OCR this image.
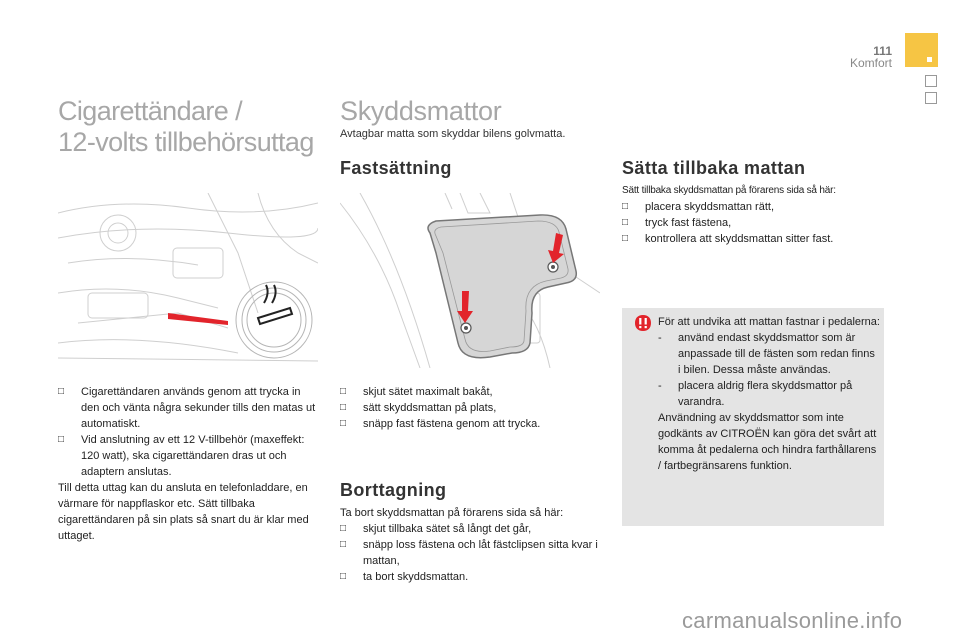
111
Komfort
Cigarettändare /
12-volts tillbehörsuttag
□ Cigarettändaren används genom att trycka in den och vänta några sekunder tills den matas ut automatiskt.
□ Vid anslutning av ett 12 V-tillbehör (maxeffekt: 120 watt), ska cigarettändaren dras ut och adaptern anslutas.
Till detta uttag kan du ansluta en telefonladdare, en värmare för nappflaskor etc. Sätt tillbaka cigarettändaren på sin plats så snart du är klar med uttaget.
Skyddsmattor
Avtagbar matta som skyddar bilens golvmatta.
Fastsättning
□ skjut sätet maximalt bakåt,
□ sätt skyddsmattan på plats,
□ snäpp fast fästena genom att trycka.
Borttagning
Ta bort skyddsmattan på förarens sida så här:
□ skjut tillbaka sätet så långt det går,
□ snäpp loss fästena och låt fästclipsen sitta kvar i mattan,
□ ta bort skyddsmattan.
Sätta tillbaka mattan
Sätt tillbaka skyddsmattan på förarens sida så här:
□ placera skyddsmattan rätt,
□ tryck fast fästena,
□ kontrollera att skyddsmattan sitter fast.
För att undvika att mattan fastnar i pedalerna:
- använd endast skyddsmattor som är anpassade till de fästen som redan finns i bilen. Dessa måste användas.
- placera aldrig flera skyddsmattor på varandra.
Användning av skyddsmattor som inte godkänts av CITROËN kan göra det svårt att komma åt pedalerna och hindra farthållarens / fartbegränsarens funktion.
carmanualsonline.info
